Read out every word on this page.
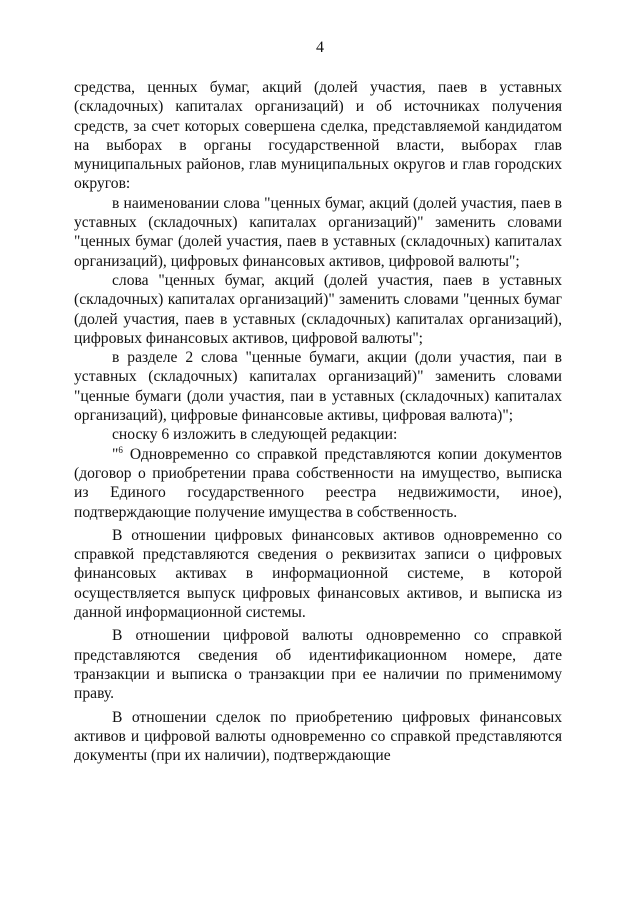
4

средства, ценных бумаг, акций (долей участия, паев в уставных (складочных) капиталах организаций) и об источниках получения средств, за счет которых совершена сделка, представляемой кандидатом на выборах в органы государственной власти, выборах глав муниципальных районов, глав муниципальных округов и глав городских округов:

в наименовании слова "ценных бумаг, акций (долей участия, паев в уставных (складочных) капиталах организаций)" заменить словами "ценных бумаг (долей участия, паев в уставных (складочных) капиталах организаций), цифровых финансовых активов, цифровой валюты";

слова "ценных бумаг, акций (долей участия, паев в уставных (складочных) капиталах организаций)" заменить словами "ценных бумаг (долей участия, паев в уставных (складочных) капиталах организаций), цифровых финансовых активов, цифровой валюты";

в разделе 2 слова "ценные бумаги, акции (доли участия, паи в уставных (складочных) капиталах организаций)" заменить словами "ценные бумаги (доли участия, паи в уставных (складочных) капиталах организаций), цифровые финансовые активы, цифровая валюта)";

сноску 6 изложить в следующей редакции:

"$^6$ Одновременно со справкой представляются копии документов (договор о приобретении права собственности на имущество, выписка из Единого государственного реестра недвижимости, иное), подтверждающие получение имущества в собственность.

В отношении цифровых финансовых активов одновременно со справкой представляются сведения о реквизитах записи о цифровых финансовых активах в информационной системе, в которой осуществляется выпуск цифровых финансовых активов, и выписка из данной информационной системы.

В отношении цифровой валюты одновременно со справкой представляются сведения об идентификационном номере, дате транзакции и выписка о транзакции при ее наличии по применимому праву.

В отношении сделок по приобретению цифровых финансовых активов и цифровой валюты одновременно со справкой представляются документы (при их наличии), подтверждающие
